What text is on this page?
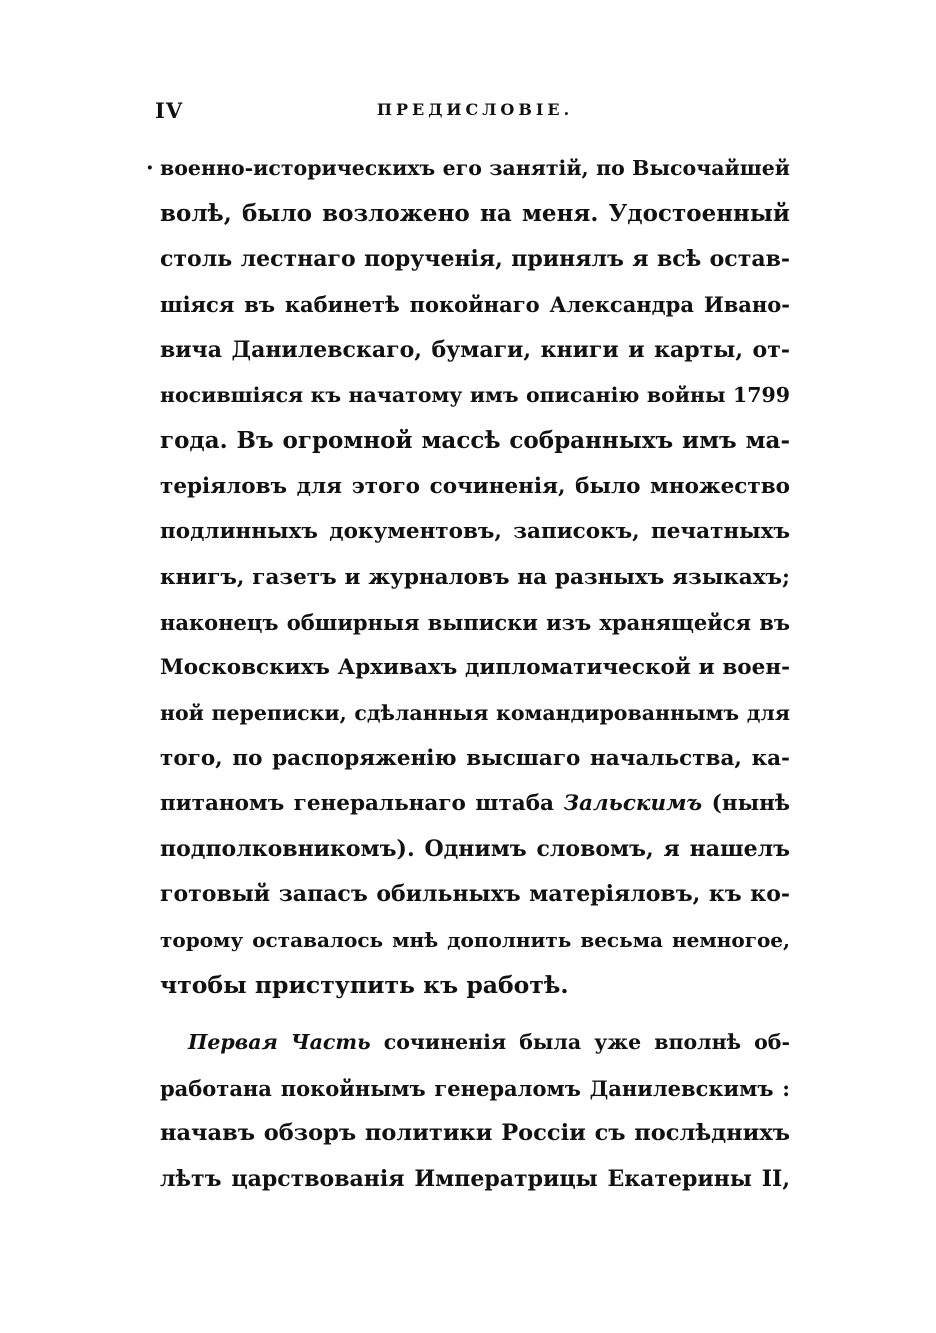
IV	ПРЕДИСЛОВІЕ.
· военно-историческихъ его занятій, по Высочайшей
волѣ, было возложено на меня. Удостоенный
столь лестнаго порученія, принялъ я всѣ остав-
шіяся въ кабинетѣ покойнаго Александра Ивано-
вича Данилевскаго, бумаги, книги и карты, от-
носившіяся къ начатому имъ описанію войны 1799
года. Въ огромной массѣ собранныхъ имъ ма-
теріяловъ для этого сочиненія, было множество
подлинныхъ документовъ, записокъ, печатныхъ
книгъ, газетъ и журналовъ на разныхъ языкахъ;
наконецъ обширныя выписки изъ хранящейся въ
Московскихъ Архивахъ дипломатической и воен-
ной переписки, сдѣланныя командированнымъ для
того, по распоряженію высшаго начальства, ка-
питаномъ генеральнаго штаба Зальскимъ (нынѣ
подполковникомъ). Однимъ словомъ, я нашелъ
готовый запасъ обильныхъ матеріяловъ, къ ко-
торому оставалось мнѣ дополнить весьма немногое,
чтобы приступить къ работѣ.
Первая Часть сочиненія была уже вполнѣ об-
работана покойнымъ генераломъ Данилевскимъ :
начавъ обзоръ политики Россіи съ послѣднихъ
лѣтъ царствованія Императрицы Екатерины II,
